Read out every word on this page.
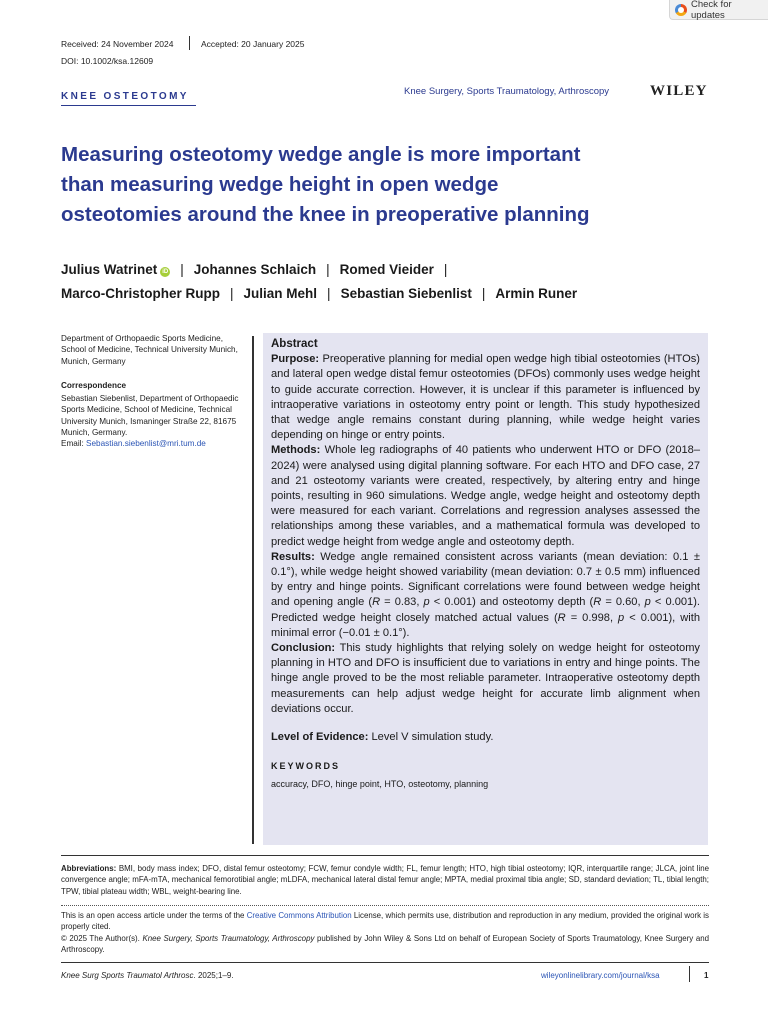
Check for updates
Received: 24 November 2024	Accepted: 20 January 2025
DOI: 10.1002/ksa.12609
KNEE OSTEOTOMY	Knee Surgery, Sports Traumatology, Arthroscopy	WILEY
Measuring osteotomy wedge angle is more important
than measuring wedge height in open wedge
osteotomies around the knee in preoperative planning
Julius Watrinet iD | Johannes Schlaich | Romed Vieider |
Marco-Christopher Rupp | Julian Mehl | Sebastian Siebenlist | Armin Runer
Department of Orthopaedic Sports Medicine, School of Medicine, Technical University Munich, Munich, Germany
Correspondence
Sebastian Siebenlist, Department of Orthopaedic Sports Medicine, School of Medicine, Technical University Munich, Ismaninger Straße 22, 81675 Munich, Germany.
Email: Sebastian.siebenlist@mri.tum.de

Abstract

Purpose: Preoperative planning for medial open wedge high tibial osteotomies (HTOs) and lateral open wedge distal femur osteotomies (DFOs) commonly uses wedge height to guide accurate correction. However, it is unclear if this parameter is influenced by intraoperative variations in osteotomy entry point or length. This study hypothesized that wedge angle remains constant during planning, while wedge height varies depending on hinge or entry points.

Methods: Whole leg radiographs of 40 patients who underwent HTO or DFO (2018–2024) were analysed using digital planning software. For each HTO and DFO case, 27 and 21 osteotomy variants were created, respectively, by altering entry and hinge points, resulting in 960 simulations. Wedge angle, wedge height and osteotomy depth were measured for each variant. Correlations and regression analyses assessed the relationships among these variables, and a mathematical formula was developed to predict wedge height from wedge angle and osteotomy depth.

Results: Wedge angle remained consistent across variants (mean deviation: 0.1 ± 0.1°), while wedge height showed variability (mean deviation: 0.7 ± 0.5 mm) influenced by entry and hinge points. Significant correlations were found between wedge height and opening angle (R = 0.83, p < 0.001) and osteotomy depth (R = 0.60, p < 0.001). Predicted wedge height closely matched actual values (R = 0.998, p < 0.001), with minimal error (−0.01 ± 0.1°).

Conclusion: This study highlights that relying solely on wedge height for osteotomy planning in HTO and DFO is insufficient due to variations in entry and hinge points. The hinge angle proved to be the most reliable parameter. Intraoperative osteotomy depth measurements can help adjust wedge height for accurate limb alignment when deviations occur.

Level of Evidence: Level V simulation study.

KEYWORDS

accuracy, DFO, hinge point, HTO, osteotomy, planning

Abbreviations: BMI, body mass index; DFO, distal femur osteotomy; FCW, femur condyle width; FL, femur length; HTO, high tibial osteotomy; IQR, interquartile range; JLCA, joint line convergence angle; mFA-mTA, mechanical femorotibial angle; mLDFA, mechanical lateral distal femur angle; MPTA, medial proximal tibia angle; SD, standard deviation; TL, tibial length; TPW, tibial plateau width; WBL, weight-bearing line.

This is an open access article under the terms of the Creative Commons Attribution License, which permits use, distribution and reproduction in any medium, provided the original work is properly cited.

© 2025 The Author(s). Knee Surgery, Sports Traumatology, Arthroscopy published by John Wiley & Sons Ltd on behalf of European Society of Sports Traumatology, Knee Surgery and Arthroscopy.

Knee Surg Sports Traumatol Arthrosc. 2025;1–9.	wileyonlinelibrary.com/journal/ksa	1
